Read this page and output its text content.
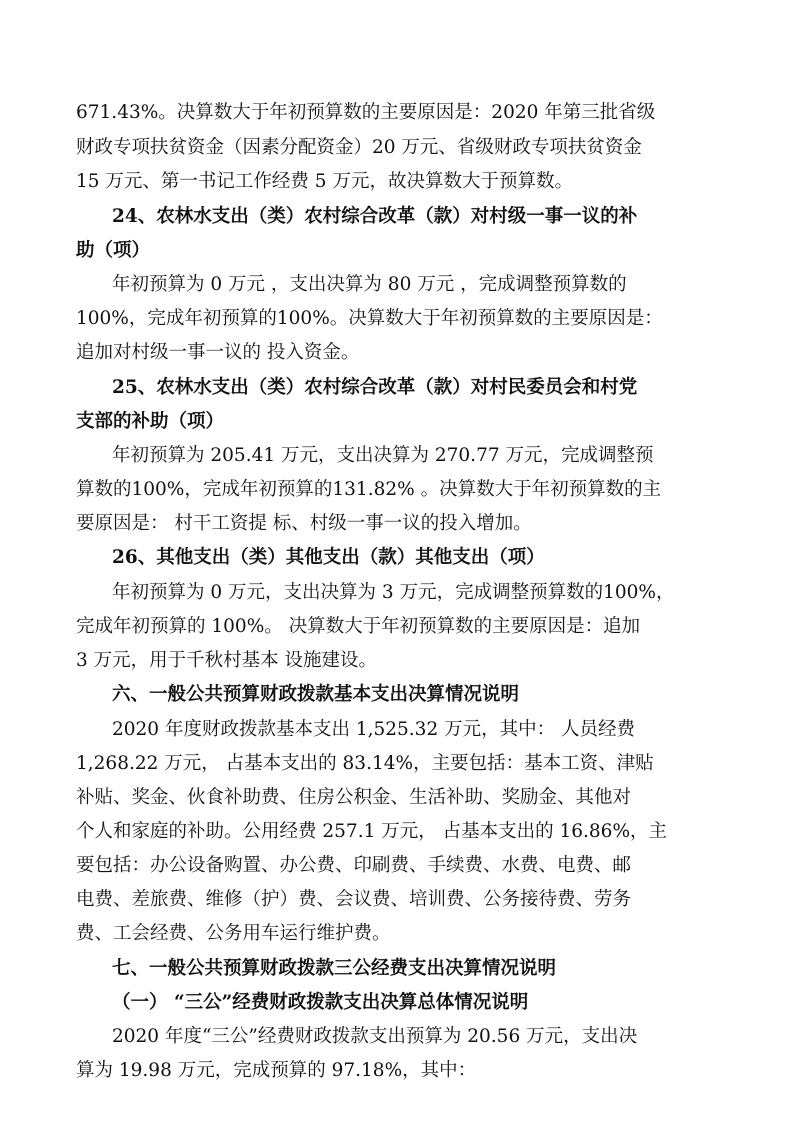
671.43%。决算数大于年初预算数的主要原因是：2020 年第三批省级
财政专项扶贫资金（因素分配资金）20 万元、省级财政专项扶贫资金
15 万元、第一书记工作经费 5 万元，故决算数大于预算数。
24、农林水支出（类）农村综合改革（款）对村级一事一议的补
助（项）
年初预算为 0 万元 ，支出决算为 80 万元 ，完成调整预算数的
100%，完成年初预算的100%。决算数大于年初预算数的主要原因是：
追加对村级一事一议的 投入资金。
25、农林水支出（类）农村综合改革（款）对村民委员会和村党
支部的补助（项）
年初预算为 205.41 万元，支出决算为 270.77 万元，完成调整预
算数的100%，完成年初预算的131.82% 。决算数大于年初预算数的主
要原因是： 村干工资提 标、村级一事一议的投入增加。
26、其他支出（类）其他支出（款）其他支出（项）
年初预算为 0 万元，支出决算为 3 万元，完成调整预算数的100%，
完成年初预算的 100%。 决算数大于年初预算数的主要原因是：追加
3 万元，用于千秋村基本 设施建设。
六、一般公共预算财政拨款基本支出决算情况说明
2020 年度财政拨款基本支出 1,525.32 万元，其中： 人员经费
1,268.22 万元， 占基本支出的 83.14%，主要包括：基本工资、津贴
补贴、奖金、伙食补助费、住房公积金、生活补助、奖励金、其他对
个人和家庭的补助。公用经费 257.1 万元， 占基本支出的 16.86%，主
要包括：办公设备购置、办公费、印刷费、手续费、水费、电费、邮
电费、差旅费、维修（护）费、会议费、培训费、公务接待费、劳务
费、工会经费、公务用车运行维护费。
七、一般公共预算财政拨款三公经费支出决算情况说明
（一） “三公”经费财政拨款支出决算总体情况说明
2020 年度“三公”经费财政拨款支出预算为 20.56 万元，支出决
算为 19.98 万元，完成预算的 97.18%，其中：
